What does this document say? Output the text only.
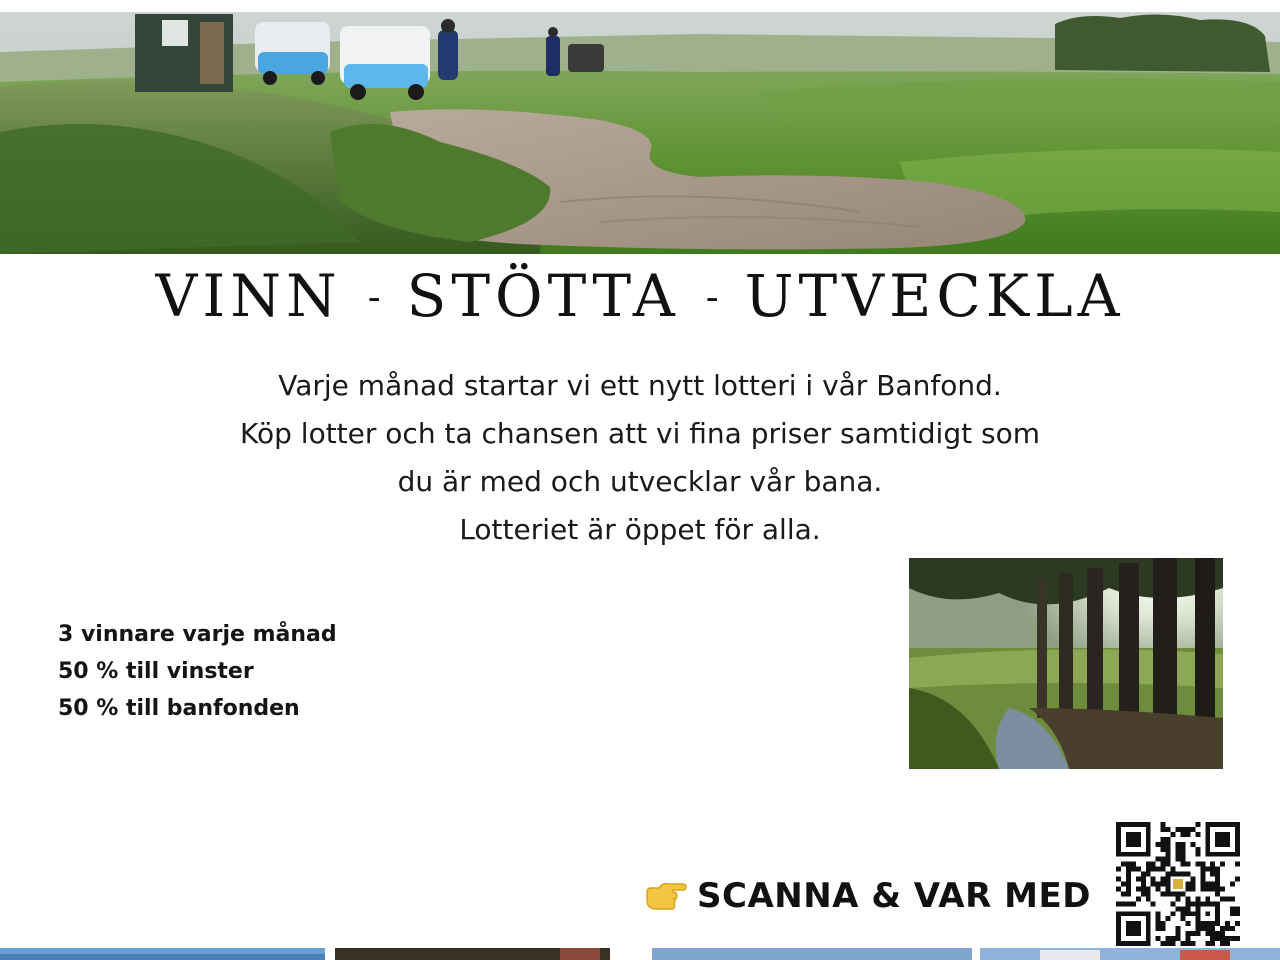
VINN - STÖTTA - UTVECKLA
Varje månad startar vi ett nytt lotteri i vår Banfond.
Köp lotter och ta chansen att vi fina priser samtidigt som
du är med och utvecklar vår bana.
Lotteriet är öppet för alla.
3 vinnare varje månad
50 % till vinster
50 % till banfonden
SCANNA & VAR MED
